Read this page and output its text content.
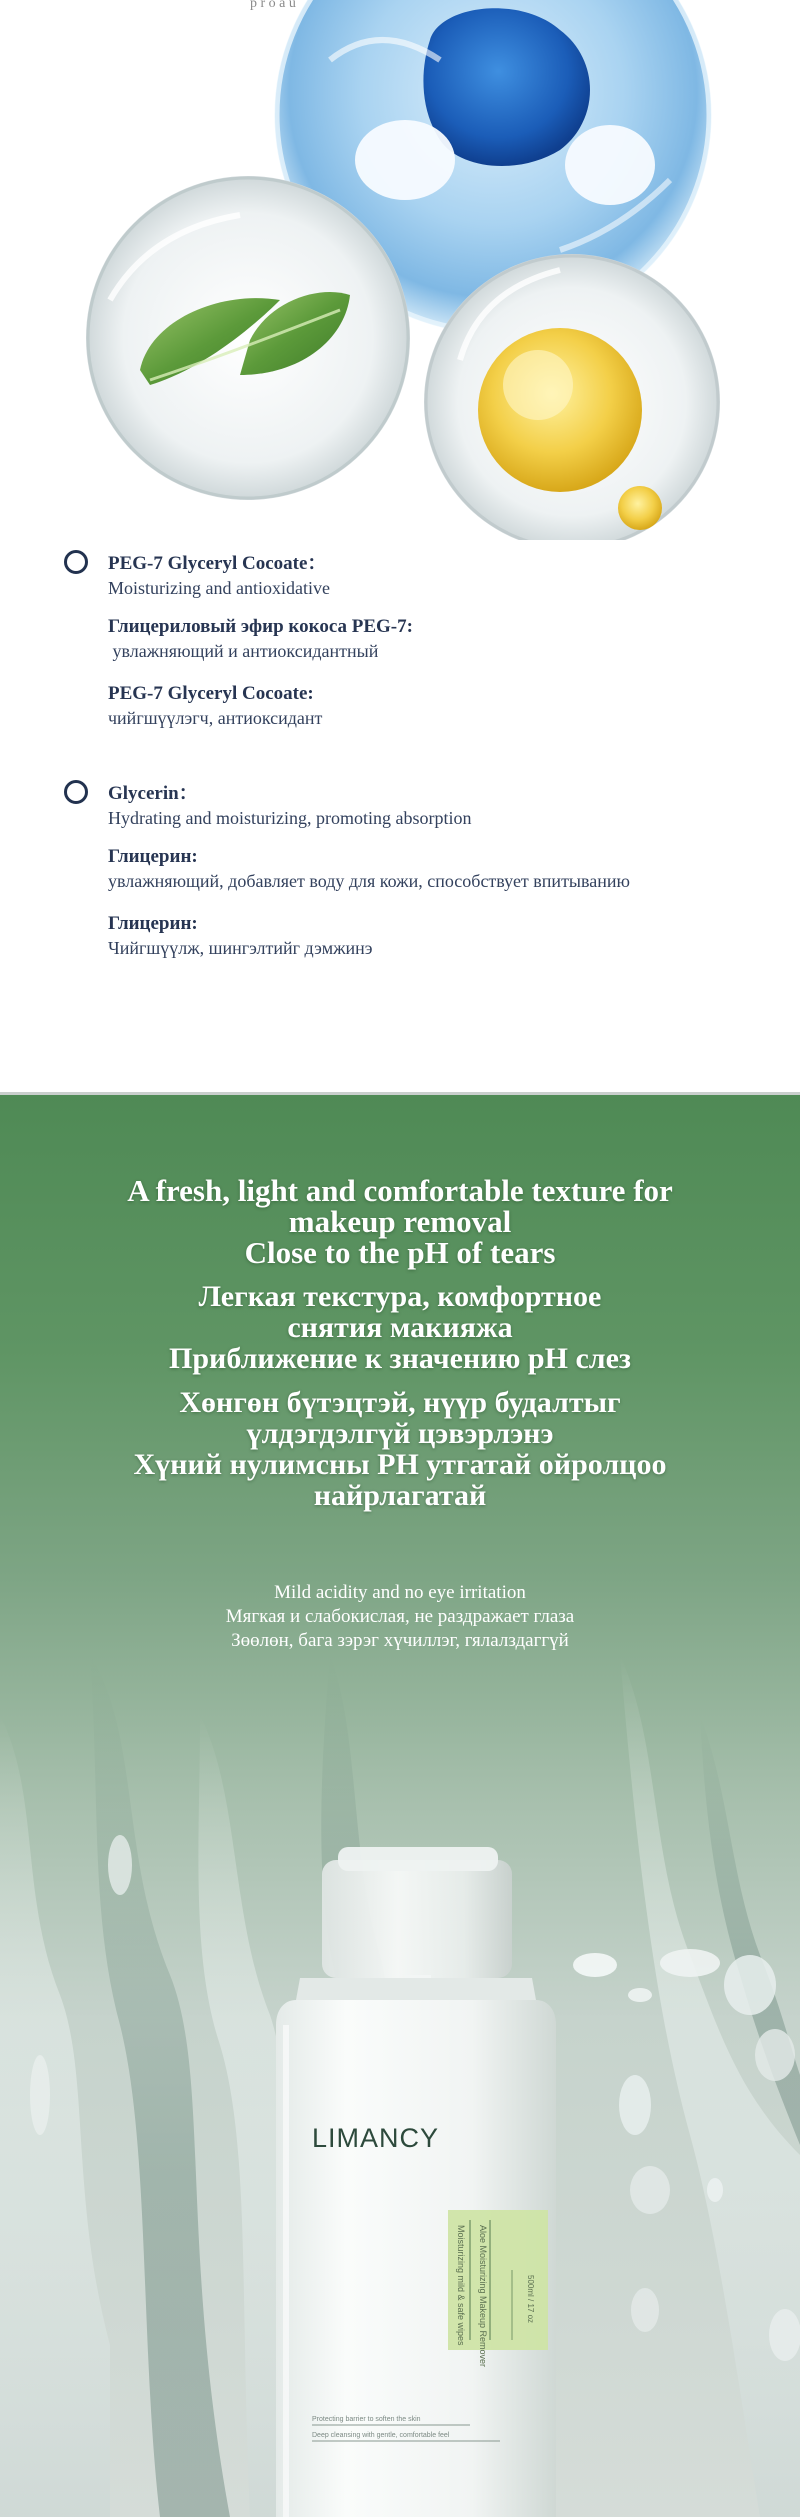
p r o a u
PEG-7 Glyceryl Cocoate：
Moisturizing and antioxidative
Глицериловый эфир кокоса PEG-7:
увлажняющий и антиоксидантный
PEG-7 Glyceryl Cocoate:
чийгшүүлэгч, антиоксидант
Glycerin：
Hydrating and moisturizing, promoting absorption
Глицерин:
увлажняющий, добавляет воду для кожи, способствует впитыванию
Глицерин:
Чийгшүүлж, шингэлтийг дэмжинэ
A fresh, light and comfortable texture for
makeup removal
Close to the pH of tears
Легкая текстура, комфортное
снятия макияжа
Приближение к значению pH слез
Хөнгөн бүтэцтэй, нүүр будалтыг
үлдэгдэлгүй цэвэрлэнэ
Хүний нулимсны PH утгатай ойролцоо
найрлагатай
Mild acidity and no eye irritation
Мягкая и слабокислая, не раздражает глаза
Зөөлөн, бага зэрэг хүчиллэг, гялалздаггүй
Moisturizing mild & safe wipes Aloe Moisturizing Makeup Remover	500ml / 17 oz
Protecting barrier to soften the skin
Deep cleansing with gentle, comfortable feel
LIMANCY
